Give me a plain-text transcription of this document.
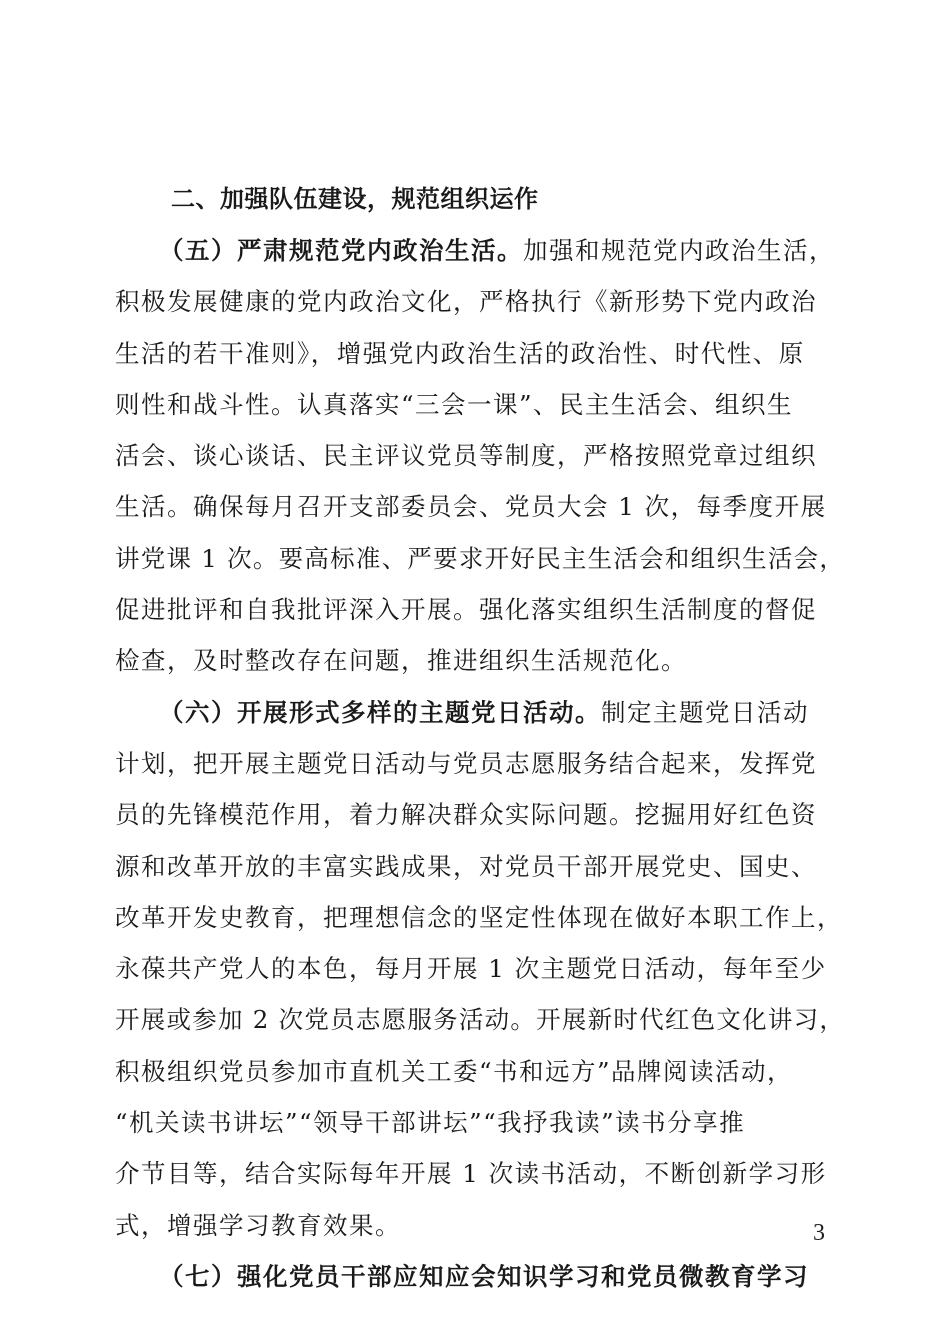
二、加强队伍建设，规范组织运作

（五）严肃规范党内政治生活。加强和规范党内政治生活，
积极发展健康的党内政治文化，严格执行《新形势下党内政治
生活的若干准则》，增强党内政治生活的政治性、时代性、原
则性和战斗性。认真落实“三会一课”、民主生活会、组织生
活会、谈心谈话、民主评议党员等制度，严格按照党章过组织
生活。确保每月召开支部委员会、党员大会 1 次，每季度开展
讲党课 1 次。要高标准、严要求开好民主生活会和组织生活会，
促进批评和自我批评深入开展。强化落实组织生活制度的督促
检查，及时整改存在问题，推进组织生活规范化。

（六）开展形式多样的主题党日活动。制定主题党日活动
计划，把开展主题党日活动与党员志愿服务结合起来，发挥党
员的先锋模范作用，着力解决群众实际问题。挖掘用好红色资
源和改革开放的丰富实践成果，对党员干部开展党史、国史、
改革开发史教育，把理想信念的坚定性体现在做好本职工作上，
永葆共产党人的本色，每月开展 1 次主题党日活动，每年至少
开展或参加 2 次党员志愿服务活动。开展新时代红色文化讲习，
积极组织党员参加市直机关工委“书和远方”品牌阅读活动，
“机关读书讲坛”“领导干部讲坛”“我抒我读”读书分享推
介节目等，结合实际每年开展 1 次读书活动，不断创新学习形
式，增强学习教育效果。

（七）强化党员干部应知应会知识学习和党员微教育学习

3
